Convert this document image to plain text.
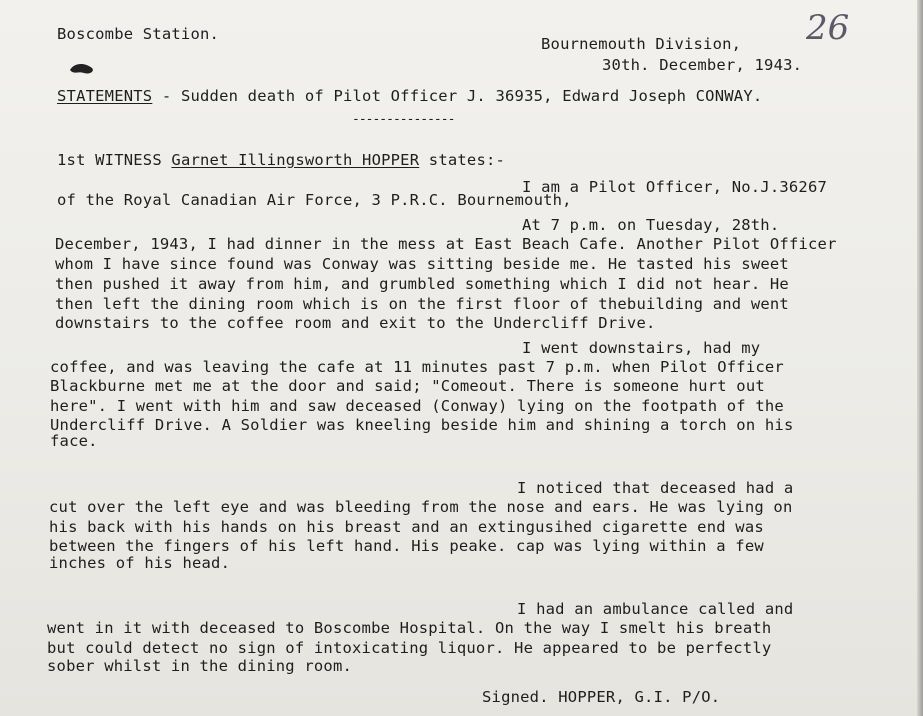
Boscombe Station.
Bournemouth Division,
30th. December, 1943.
26
STATEMENTS - Sudden death of Pilot Officer J. 36935, Edward Joseph CONWAY.
---------------
1st WITNESS Garnet Illingsworth HOPPER states:-
I am a Pilot Officer, No.J.36267
of the Royal Canadian Air Force, 3 P.R.C. Bournemouth,
At 7 p.m. on Tuesday, 28th.
December, 1943, I had dinner in the mess at East Beach Cafe. Another Pilot Officer
whom I have since found was Conway was sitting beside me. He tasted his sweet
then pushed it away from him, and grumbled something which I did not hear. He
then left the dining room which is on the first floor of thebuilding and went
downstairs to the coffee room and exit to the Undercliff Drive.
I went downstairs, had my
coffee, and was leaving the cafe at 11 minutes past 7 p.m. when Pilot Officer
Blackburne met me at the door and said; "Comeout. There is someone hurt out
here". I went with him and saw deceased (Conway) lying on the footpath of the
Undercliff Drive. A Soldier was kneeling beside him and shining a torch on his
face.
I noticed that deceased had a
cut over the left eye and was bleeding from the nose and ears. He was lying on
his back with his hands on his breast and an extingusihed cigarette end was
between the fingers of his left hand. His peake. cap was lying within a few
inches of his head.
I had an ambulance called and
went in it with deceased to Boscombe Hospital. On the way I smelt his breath
but could detect no sign of intoxicating liquor. He appeared to be perfectly
sober whilst in the dining room.
Signed. HOPPER, G.I. P/O.
